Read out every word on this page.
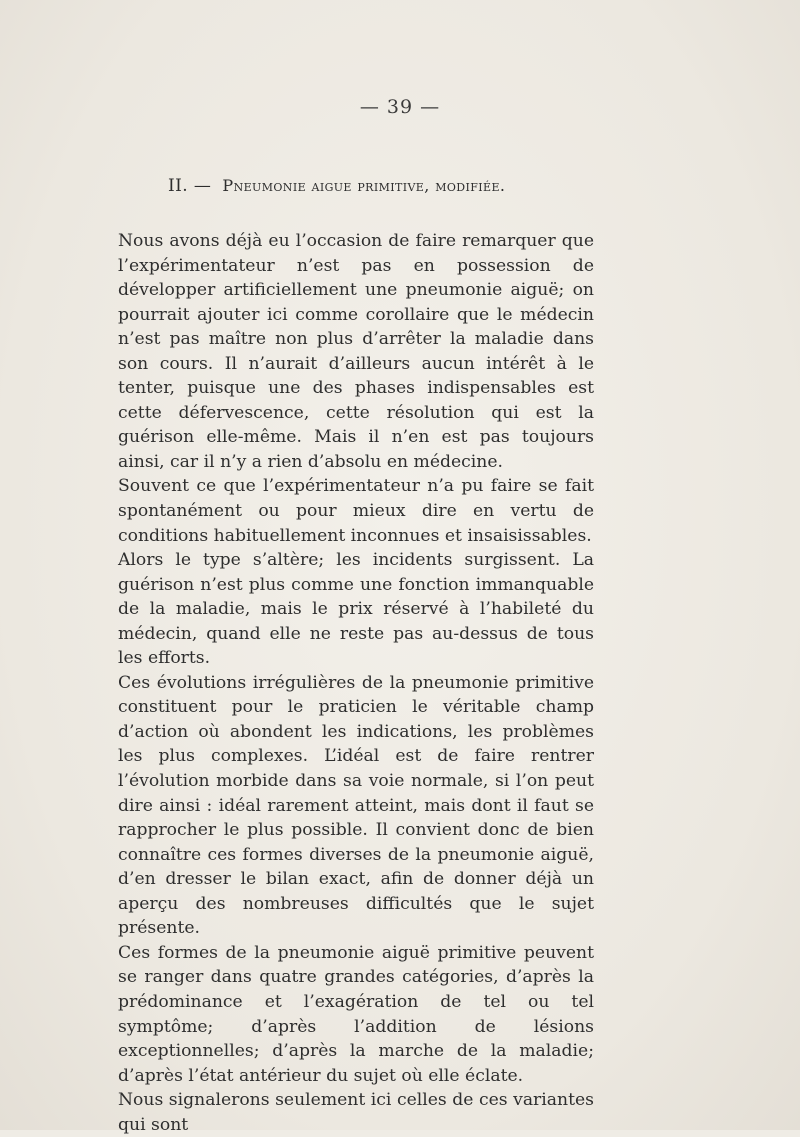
— 39 —
II. — Pneumonie aigue primitive, modifiée.

Nous avons déjà eu l’occasion de faire remarquer que l’expérimentateur n’est pas en possession de développer artificiellement une pneumonie aiguë; on pourrait ajouter ici comme corollaire que le médecin n’est pas maître non plus d’arrêter la maladie dans son cours. Il n’aurait d’ailleurs aucun intérêt à le tenter, puisque une des phases indispensables est cette défervescence, cette résolution qui est la guérison elle-même. Mais il n’en est pas toujours ainsi, car il n’y a rien d’absolu en médecine.

Souvent ce que l’expérimentateur n’a pu faire se fait spontanément ou pour mieux dire en vertu de conditions habituellement inconnues et insaisissables.

Alors le type s’altère; les incidents surgissent. La guérison n’est plus comme une fonction immanquable de la maladie, mais le prix réservé à l’habileté du médecin, quand elle ne reste pas au-dessus de tous les efforts.

Ces évolutions irrégulières de la pneumonie primitive constituent pour le praticien le véritable champ d’action où abondent les indications, les problèmes les plus complexes. L’idéal est de faire rentrer l’évolution morbide dans sa voie normale, si l’on peut dire ainsi : idéal rarement atteint, mais dont il faut se rapprocher le plus possible. Il convient donc de bien connaître ces formes diverses de la pneumonie aiguë, d’en dresser le bilan exact, afin de donner déjà un aperçu des nombreuses difficultés que le sujet présente.

Ces formes de la pneumonie aiguë primitive peuvent se ranger dans quatre grandes catégories, d’après la prédominance et l’exagération de tel ou tel symptôme; d’après l’addition de lésions exceptionnelles; d’après la marche de la maladie; d’après l’état antérieur du sujet où elle éclate.

Nous signalerons seulement ici celles de ces variantes qui sont
